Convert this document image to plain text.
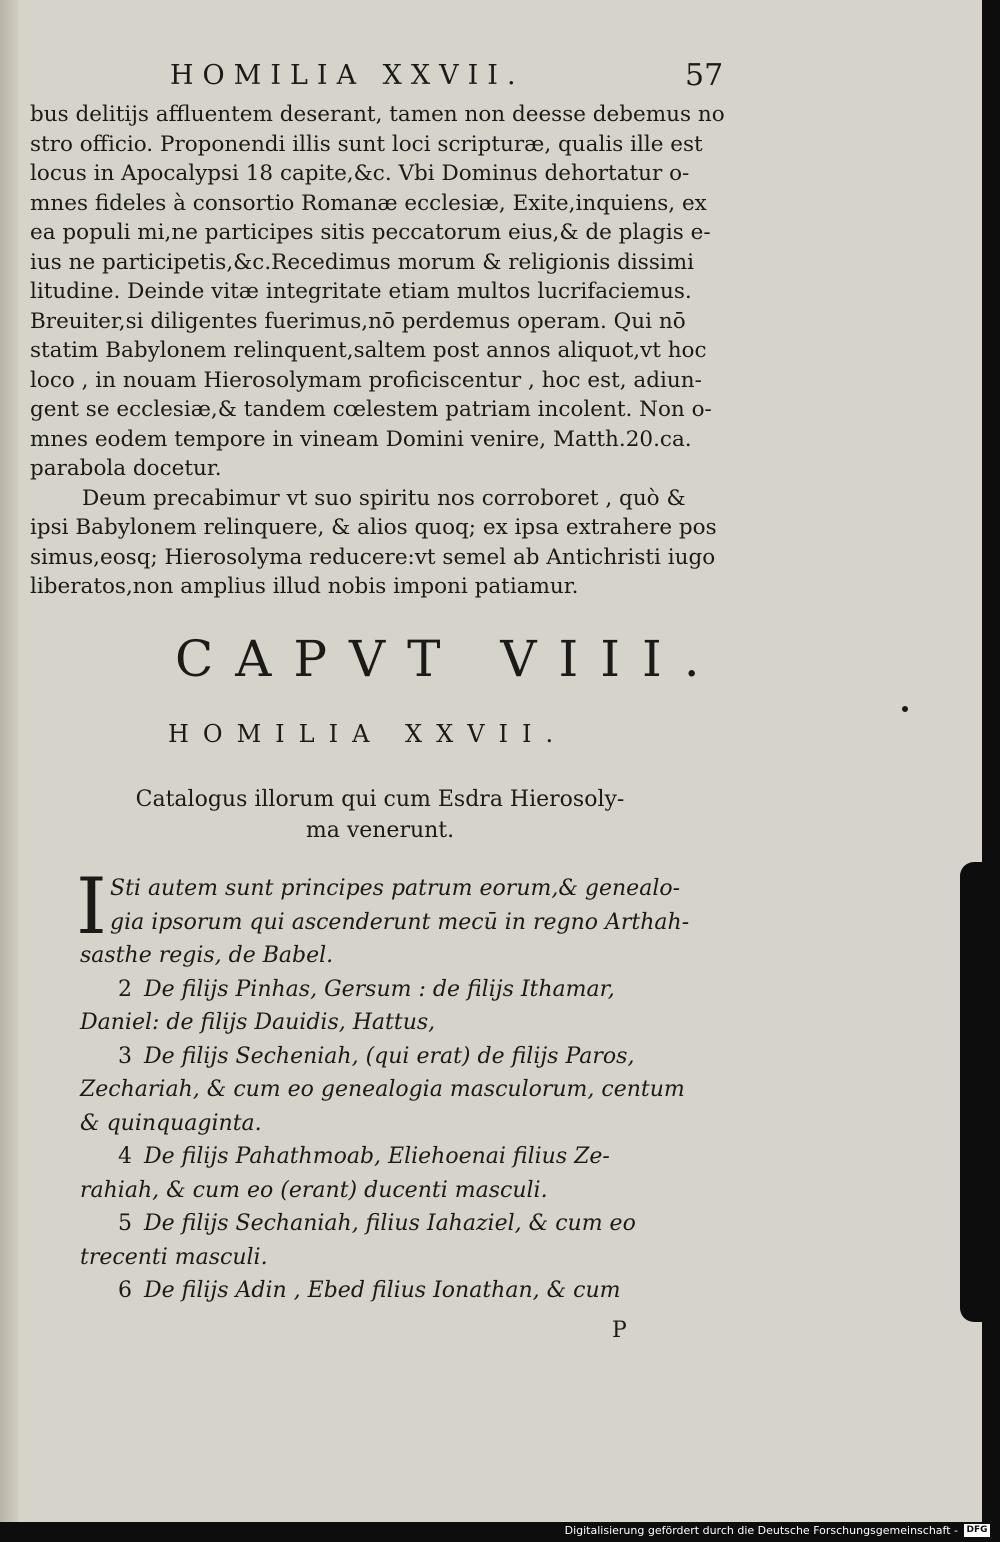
HOMILIA XXVII.	57
bus delitijs affluentem deserant, tamen non deesse debemus no
stro officio. Proponendi illis sunt loci scripturæ, qualis ille est
locus in Apocalypsi 18 capite,&c. Vbi Dominus dehortatur o-
mnes fideles à consortio Romanæ ecclesiæ, Exite,inquiens, ex
ea populi mi,ne participes sitis peccatorum eius,& de plagis e-
ius ne participetis,&c.Recedimus morum & religionis dissimi
litudine. Deinde vitæ integritate etiam multos lucrifaciemus.
Breuiter,si diligentes fuerimus,nō perdemus operam. Qui nō
statim Babylonem relinquent,saltem post annos aliquot,vt hoc
loco , in nouam Hierosolymam proficiscentur , hoc est, adiun-
gent se ecclesiæ,& tandem cœlestem patriam incolent. Non o-
mnes eodem tempore in vineam Domini venire, Matth.20.ca.
parabola docetur.
Deum precabimur vt suo spiritu nos corroboret , quò &
ipsi Babylonem relinquere, & alios quoq; ex ipsa extrahere pos
simus,eosq; Hierosolyma reducere:vt semel ab Antichristi iugo
liberatos,non amplius illud nobis imponi patiamur.
CAPVT VIII.
HOMILIA XXVII.
Catalogus illorum qui cum Esdra Hierosoly-
ma venerunt.
I Sti autem sunt principes patrum eorum,& genealo-
gia ipsorum qui ascenderunt mecū in regno Arthah-
sasthe regis, de Babel.
2 De filijs Pinhas, Gersum : de filijs Ithamar,
Daniel: de filijs Dauidis, Hattus,
3 De filijs Secheniah, (qui erat) de filijs Paros,
Zechariah, & cum eo genealogia masculorum, centum
& quinquaginta.
4 De filijs Pahathmoab, Eliehoenai filius Ze-
rahiah, & cum eo (erant) ducenti masculi.
5 De filijs Sechaniah, filius Iahaziel, & cum eo
trecenti masculi.
6 De filijs Adin , Ebed filius Ionathan, & cum
P
Digitalisierung gefördert durch die Deutsche Forschungsgemeinschaft - DFG
